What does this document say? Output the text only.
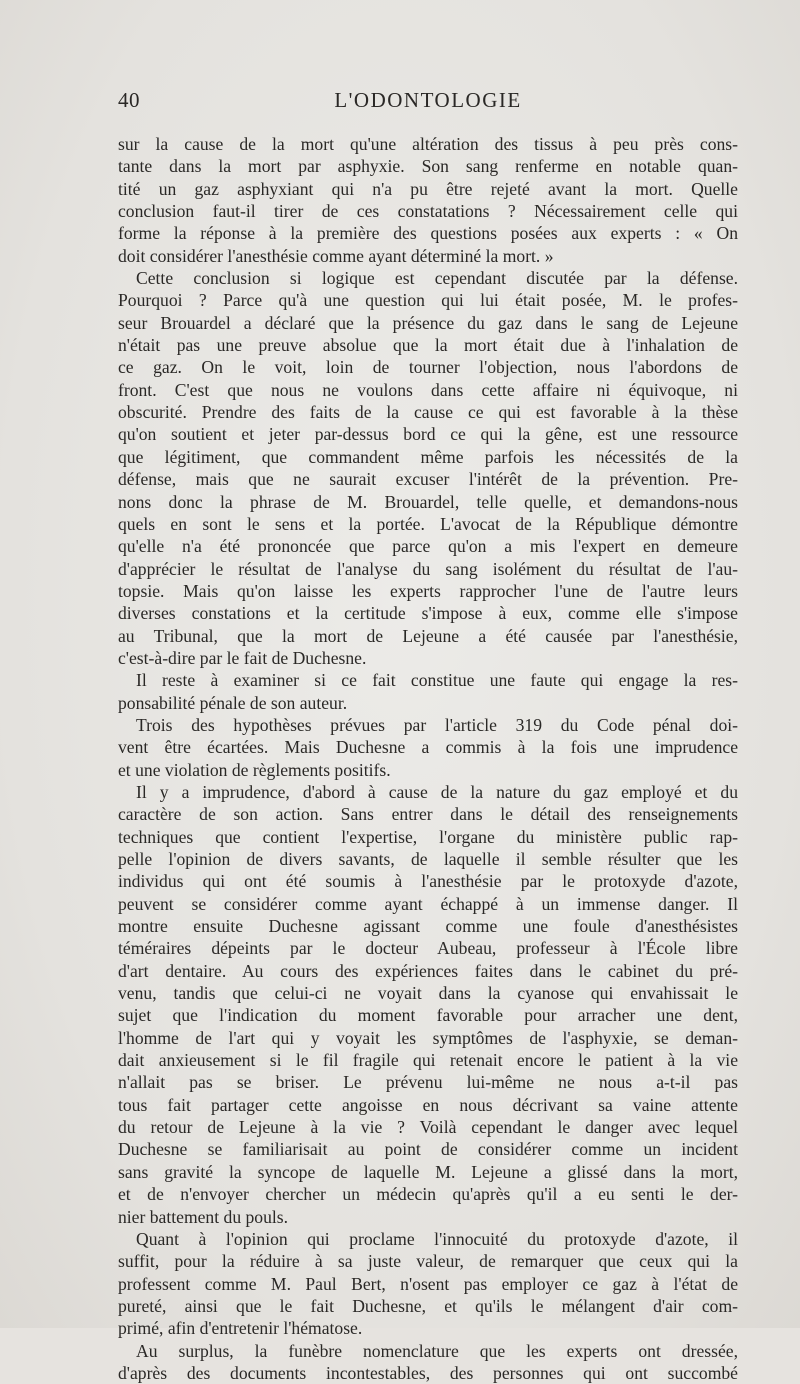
40	L'ODONTOLOGIE
sur la cause de la mort qu'une altération des tissus à peu près cons-
tante dans la mort par asphyxie. Son sang renferme en notable quan-
tité un gaz asphyxiant qui n'a pu être rejeté avant la mort. Quelle
conclusion faut-il tirer de ces constatations ? Nécessairement celle qui
forme la réponse à la première des questions posées aux experts : « On
doit considérer l'anesthésie comme ayant déterminé la mort. »
Cette conclusion si logique est cependant discutée par la défense.
Pourquoi ? Parce qu'à une question qui lui était posée, M. le profes-
seur Brouardel a déclaré que la présence du gaz dans le sang de Lejeune
n'était pas une preuve absolue que la mort était due à l'inhalation de
ce gaz. On le voit, loin de tourner l'objection, nous l'abordons de
front. C'est que nous ne voulons dans cette affaire ni équivoque, ni
obscurité. Prendre des faits de la cause ce qui est favorable à la thèse
qu'on soutient et jeter par-dessus bord ce qui la gêne, est une ressource
que légitiment, que commandent même parfois les nécessités de la
défense, mais que ne saurait excuser l'intérêt de la prévention. Pre-
nons donc la phrase de M. Brouardel, telle quelle, et demandons-nous
quels en sont le sens et la portée. L'avocat de la République démontre
qu'elle n'a été prononcée que parce qu'on a mis l'expert en demeure
d'apprécier le résultat de l'analyse du sang isolément du résultat de l'au-
topsie. Mais qu'on laisse les experts rapprocher l'une de l'autre leurs
diverses constations et la certitude s'impose à eux, comme elle s'impose
au Tribunal, que la mort de Lejeune a été causée par l'anesthésie,
c'est-à-dire par le fait de Duchesne.
Il reste à examiner si ce fait constitue une faute qui engage la res-
ponsabilité pénale de son auteur.
Trois des hypothèses prévues par l'article 319 du Code pénal doi-
vent être écartées. Mais Duchesne a commis à la fois une imprudence
et une violation de règlements positifs.
Il y a imprudence, d'abord à cause de la nature du gaz employé et du
caractère de son action. Sans entrer dans le détail des renseignements
techniques que contient l'expertise, l'organe du ministère public rap-
pelle l'opinion de divers savants, de laquelle il semble résulter que les
individus qui ont été soumis à l'anesthésie par le protoxyde d'azote,
peuvent se considérer comme ayant échappé à un immense danger. Il
montre ensuite Duchesne agissant comme une foule d'anesthésistes
téméraires dépeints par le docteur Aubeau, professeur à l'École libre
d'art dentaire. Au cours des expériences faites dans le cabinet du pré-
venu, tandis que celui-ci ne voyait dans la cyanose qui envahissait le
sujet que l'indication du moment favorable pour arracher une dent,
l'homme de l'art qui y voyait les symptômes de l'asphyxie, se deman-
dait anxieusement si le fil fragile qui retenait encore le patient à la vie
n'allait pas se briser. Le prévenu lui-même ne nous a-t-il pas
tous fait partager cette angoisse en nous décrivant sa vaine attente
du retour de Lejeune à la vie ? Voilà cependant le danger avec lequel
Duchesne se familiarisait au point de considérer comme un incident
sans gravité la syncope de laquelle M. Lejeune a glissé dans la mort,
et de n'envoyer chercher un médecin qu'après qu'il a eu senti le der-
nier battement du pouls.
Quant à l'opinion qui proclame l'innocuité du protoxyde d'azote, il
suffit, pour la réduire à sa juste valeur, de remarquer que ceux qui la
professent comme M. Paul Bert, n'osent pas employer ce gaz à l'état de
pureté, ainsi que le fait Duchesne, et qu'ils le mélangent d'air com-
primé, afin d'entretenir l'hématose.
Au surplus, la funèbre nomenclature que les experts ont dressée,
d'après des documents incontestables, des personnes qui ont succombé
